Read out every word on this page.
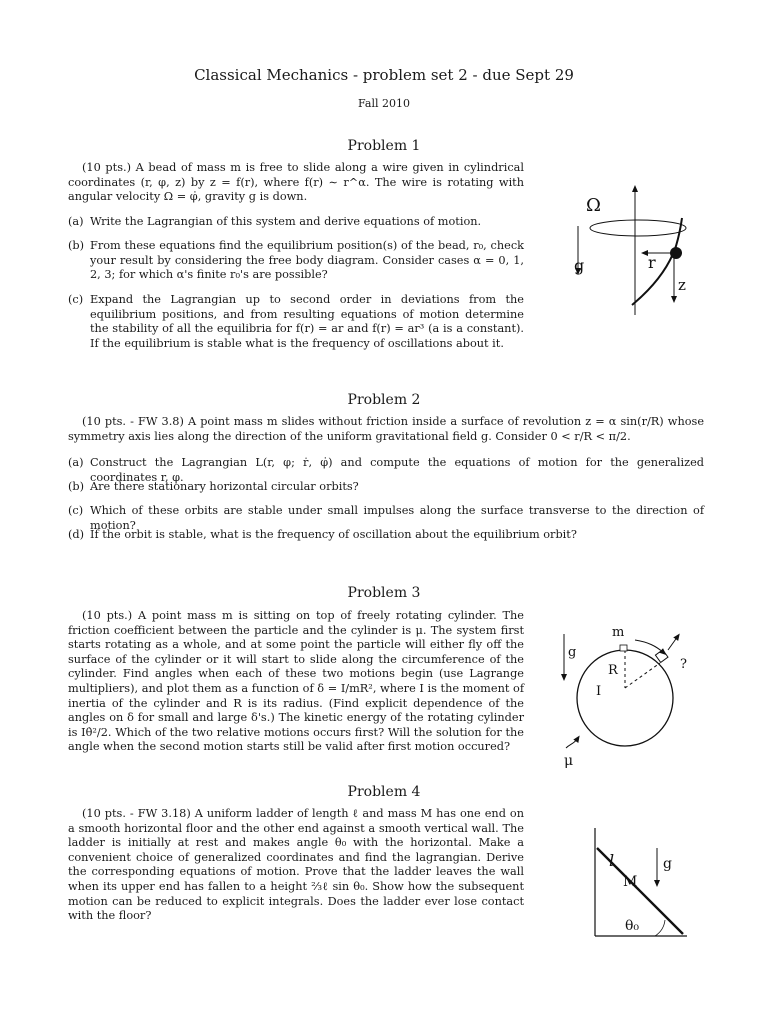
Classical Mechanics - problem set 2 - due Sept 29
Fall 2010
Problem 1
(10 pts.) A bead of mass m is free to slide along a wire given in cylindrical coordinates (r, φ, z) by z = f(r), where f(r) ∼ r^α. The wire is rotating with angular velocity Ω = φ̇, gravity g is down.
(a) Write the Lagrangian of this system and derive equations of motion.
(b) From these equations find the equilibrium position(s) of the bead, r₀, check your result by considering the free body diagram. Consider cases α = 0, 1, 2, 3; for which α's finite r₀'s are possible?
(c) Expand the Lagrangian up to second order in deviations from the equilibrium positions, and from resulting equations of motion determine the stability of all the equilibria for f(r) = ar and f(r) = ar³ (a is a constant). If the equilibrium is stable what is the frequency of oscillations about it.
Ω
g	r
z
Problem 2
(10 pts. - FW 3.8) A point mass m slides without friction inside a surface of revolution z = α sin(r/R) whose symmetry axis lies along the direction of the uniform gravitational field g. Consider 0 < r/R < π/2.
(a) Construct the Lagrangian L(r, φ; ṙ, φ̇) and compute the equations of motion for the generalized coordinates r, φ.
(b) Are there stationary horizontal circular orbits?
(c) Which of these orbits are stable under small impulses along the surface transverse to the direction of motion?
(d) If the orbit is stable, what is the frequency of oscillation about the equilibrium orbit?
Problem 3
(10 pts.) A point mass m is sitting on top of freely rotating cylinder. The friction coefficient between the particle and the cylinder is μ. The system first starts rotating as a whole, and at some point the particle will either fly off the surface of the cylinder or it will start to slide along the circumference of the cylinder. Find angles when each of these two motions begin (use Lagrange multipliers), and plot them as a function of δ = I/mR², where I is the moment of inertia of the cylinder and R is its radius. (Find explicit dependence of the angles on δ for small and large δ's.) The kinetic energy of the rotating cylinder is Iθ̇²/2. Which of the two relative motions occurs first? Will the solution for the angle when the second motion starts still be valid after first motion occured?
m
g
R
I
?
μ
Problem 4
(10 pts. - FW 3.18) A uniform ladder of length ℓ and mass M has one end on a smooth horizontal floor and the other end against a smooth vertical wall. The ladder is initially at rest and makes angle θ₀ with the horizontal. Make a convenient choice of generalized coordinates and find the lagrangian. Derive the corresponding equations of motion. Prove that the ladder leaves the wall when its upper end has fallen to a height ⅔ℓ sin θ₀. Show how the subsequent motion can be reduced to explicit integrals. Does the ladder ever lose contact with the floor?
l
M
g
θ₀
